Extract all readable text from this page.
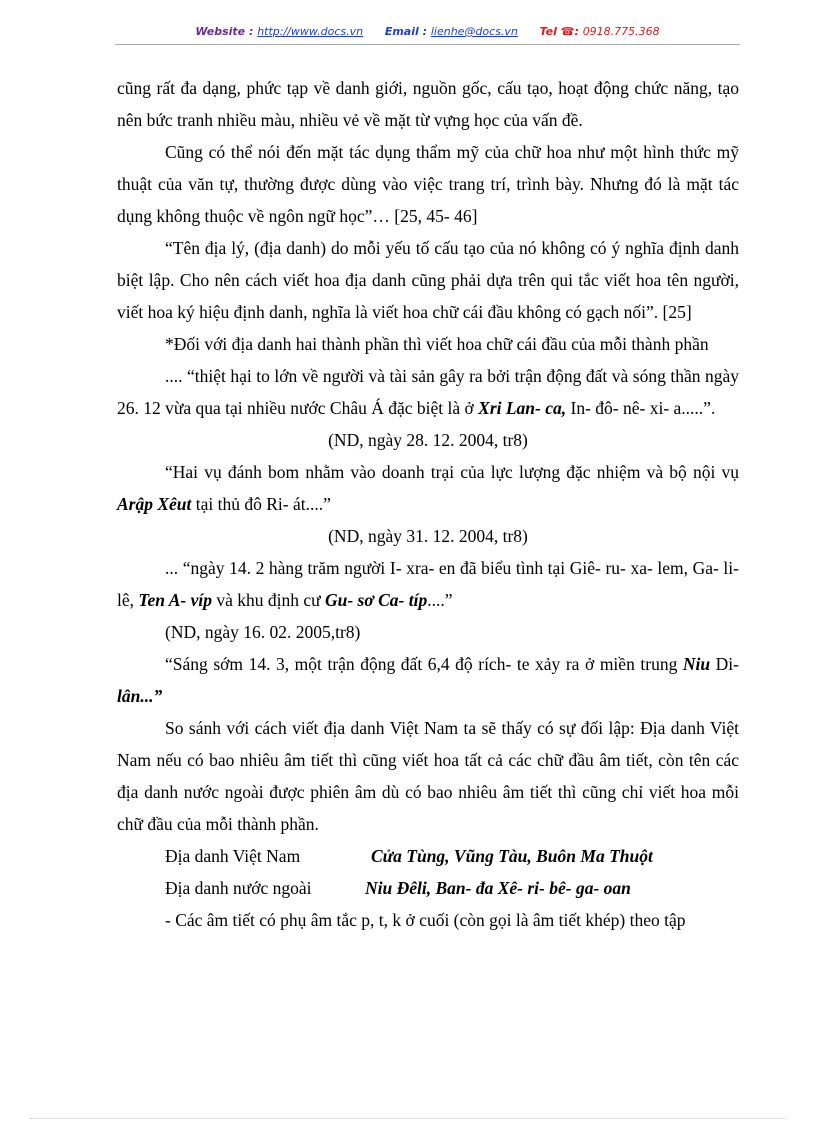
Website : http://www.docs.vn Email : lienhe@docs.vn Tel ☎: 0918.775.368

cũng rất đa dạng, phức tạp về danh giới, nguồn gốc, cấu tạo, hoạt động chức năng, tạo nên bức tranh nhiều màu, nhiều vẻ về mặt từ vựng học của vấn đề.

Cũng có thể nói đến mặt tác dụng thẩm mỹ của chữ hoa như một hình thức mỹ thuật của văn tự, thường được dùng vào việc trang trí, trình bày. Nhưng đó là mặt tác dụng không thuộc về ngôn ngữ học”… [25, 45- 46]

“Tên địa lý, (địa danh) do mỗi yếu tố cấu tạo của nó không có ý nghĩa định danh biệt lập. Cho nên cách viết hoa địa danh cũng phải dựa trên qui tắc viết hoa tên người, viết hoa ký hiệu định danh, nghĩa là viết hoa chữ cái đầu không có gạch nối”. [25]

*Đối với địa danh hai thành phần thì viết hoa chữ cái đầu của mỗi thành phần

.... “thiệt hại to lớn về người và tài sản gây ra bởi trận động đất và sóng thần ngày 26. 12 vừa qua tại nhiều nước Châu Á đặc biệt là ở Xri Lan- ca, In- đô- nê- xi- a.....”.

(ND, ngày 28. 12. 2004, tr8)

“Hai vụ đánh bom nhằm vào doanh trại của lực lượng đặc nhiệm và bộ nội vụ Arập Xêut tại thủ đô Ri- át....”

(ND, ngày 31. 12. 2004, tr8)

... “ngày 14. 2 hàng trăm người I- xra- en đã biểu tình tại Giê- ru- xa- lem, Ga- li- lê, Ten A- víp và khu định cư Gu- sơ Ca- típ....”

(ND, ngày 16. 02. 2005,tr8)

“Sáng sớm 14. 3, một trận động đất 6,4 độ rích- te xảy ra ở miền trung Niu Di- lân...”

So sánh với cách viết địa danh Việt Nam ta sẽ thấy có sự đối lập: Địa danh Việt Nam nếu có bao nhiêu âm tiết thì cũng viết hoa tất cả các chữ đầu âm tiết, còn tên các địa danh nước ngoài được phiên âm dù có bao nhiêu âm tiết thì cũng chỉ viết hoa mỗi chữ đầu của mỗi thành phần.

Địa danh Việt Nam	Cửa Tùng, Vũng Tàu, Buôn Ma Thuột
Địa danh nước ngoài	Niu Đêli, Ban- đa Xê- ri- bê- ga- oan

- Các âm tiết có phụ âm tắc p, t, k ở cuối (còn gọi là âm tiết khép) theo tập
